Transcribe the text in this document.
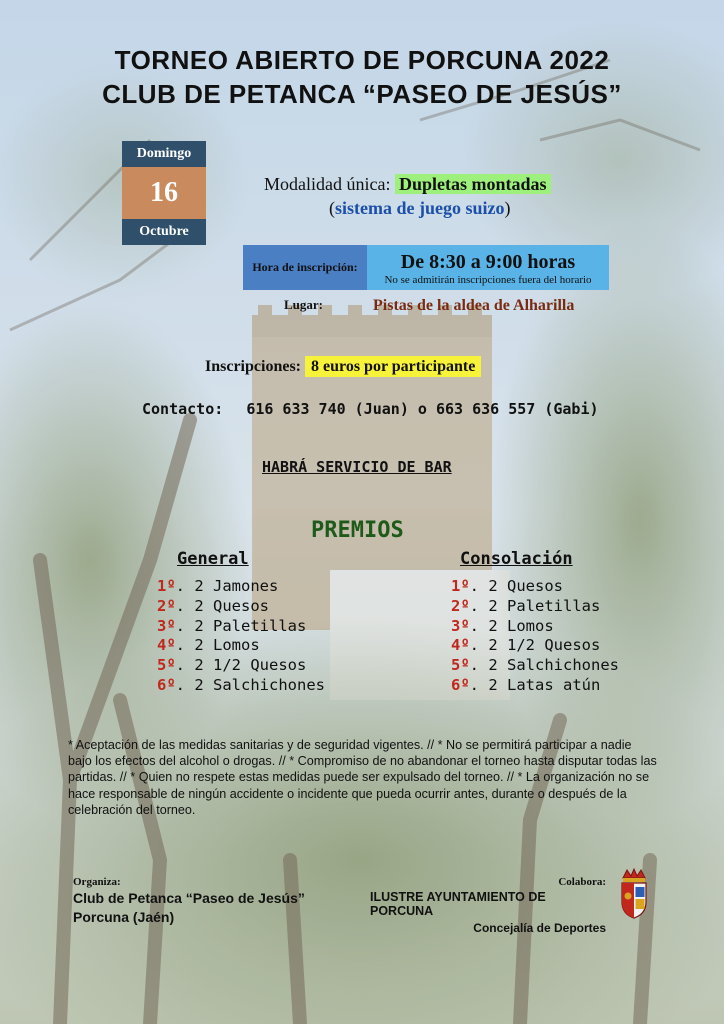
TORNEO ABIERTO DE PORCUNA 2022
CLUB DE PETANCA “PASEO DE JESÚS”
Domingo
16
Octubre
Modalidad única: Dupletas montadas
(sistema de juego suizo)
Hora de inscripción:	De 8:30 a 9:00 horas
No se admitirán inscripciones fuera del horario
Lugar:	Pistas de la aldea de Alharilla
Inscripciones: 8 euros por participante
Contacto: 616 633 740 (Juan) o 663 636 557 (Gabi)
HABRÁ SERVICIO DE BAR
PREMIOS
General
1º. 2 Jamones
2º. 2 Quesos
3º. 2 Paletillas
4º. 2 Lomos
5º. 2 1/2 Quesos
6º. 2 Salchichones
Consolación
1º. 2 Quesos
2º. 2 Paletillas
3º. 2 Lomos
4º. 2 1/2 Quesos
5º. 2 Salchichones
6º. 2 Latas atún
* Aceptación de las medidas sanitarias y de seguridad vigentes. // * No se permitirá participar a nadie bajo los efectos del alcohol o drogas. // * Compromiso de no abandonar el torneo hasta disputar todas las partidas. // * Quien no respete estas medidas puede ser expulsado del torneo. // * La organización no se hace responsable de ningún accidente o incidente que pueda ocurrir antes, durante o después de la celebración del torneo.
Organiza:
Club de Petanca “Paseo de Jesús”
Porcuna (Jaén)
Colabora:
ILUSTRE AYUNTAMIENTO DE PORCUNA
Concejalía de Deportes
